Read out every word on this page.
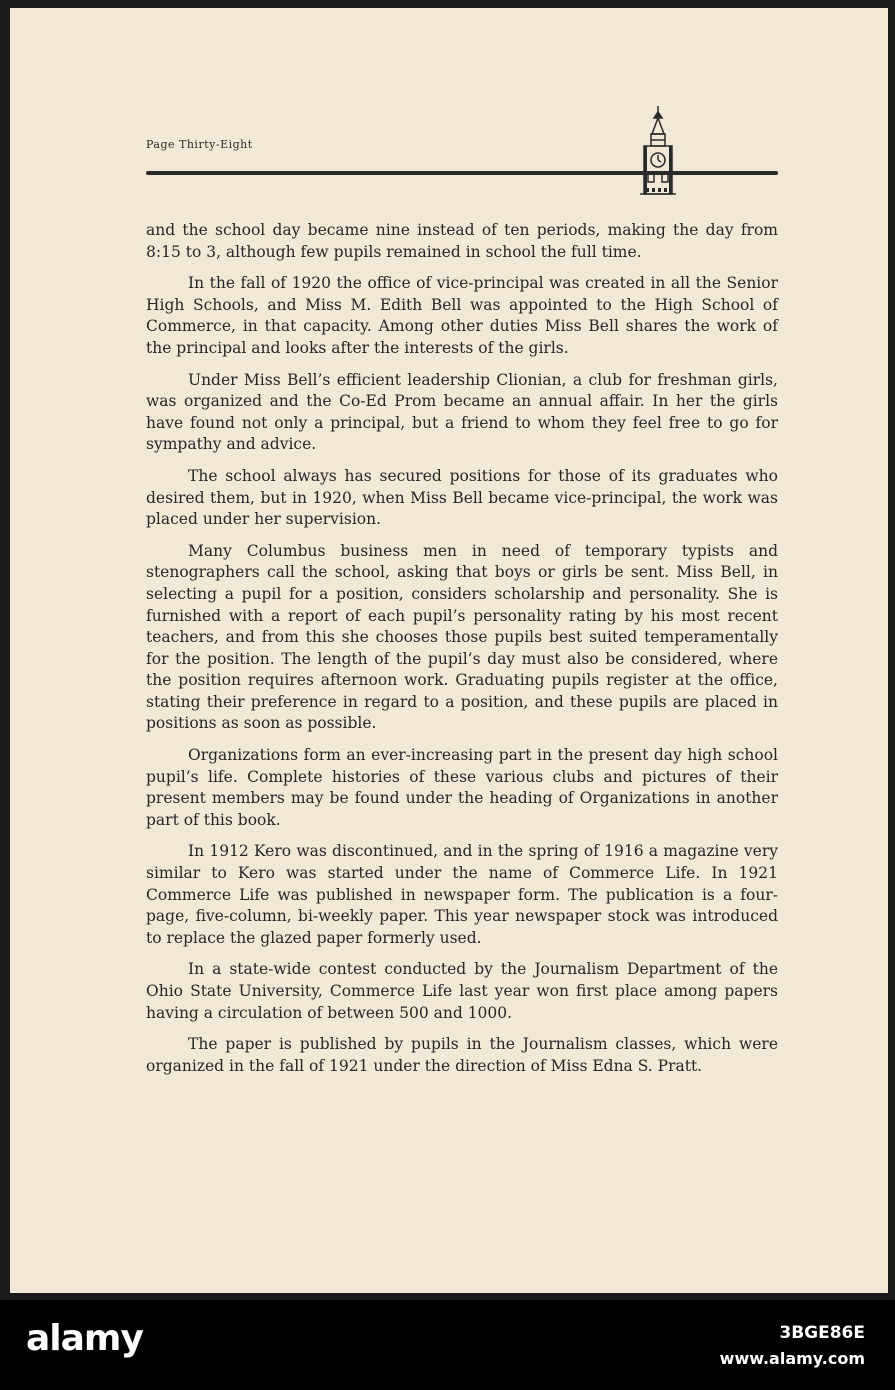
Page Thirty-Eight

and the school day became nine instead of ten periods, making the day from 8:15 to 3, although few pupils remained in school the full time.

In the fall of 1920 the office of vice-principal was created in all the Senior High Schools, and Miss M. Edith Bell was appointed to the High School of Commerce, in that capacity. Among other duties Miss Bell shares the work of the principal and looks after the interests of the girls.

Under Miss Bell’s efficient leadership Clionian, a club for freshman girls, was organized and the Co-Ed Prom became an annual affair. In her the girls have found not only a principal, but a friend to whom they feel free to go for sympathy and advice.

The school always has secured positions for those of its graduates who desired them, but in 1920, when Miss Bell became vice-principal, the work was placed under her supervision.

Many Columbus business men in need of temporary typists and stenographers call the school, asking that boys or girls be sent. Miss Bell, in selecting a pupil for a position, considers scholarship and personality. She is furnished with a report of each pupil’s personality rating by his most recent teachers, and from this she chooses those pupils best suited temperamentally for the position. The length of the pupil’s day must also be considered, where the position requires afternoon work. Graduating pupils register at the office, stating their preference in regard to a position, and these pupils are placed in positions as soon as possible.

Organizations form an ever-increasing part in the present day high school pupil’s life. Complete histories of these various clubs and pictures of their present members may be found under the heading of Organizations in another part of this book.

In 1912 Kero was discontinued, and in the spring of 1916 a magazine very similar to Kero was started under the name of Commerce Life. In 1921 Commerce Life was published in newspaper form. The publication is a four-page, five-column, bi-weekly paper. This year newspaper stock was introduced to replace the glazed paper formerly used.

In a state-wide contest conducted by the Journalism Department of the Ohio State University, Commerce Life last year won first place among papers having a circulation of between 500 and 1000.

The paper is published by pupils in the Journalism classes, which were organized in the fall of 1921 under the direction of Miss Edna S. Pratt.

alamy	3BGE86E
www.alamy.com
